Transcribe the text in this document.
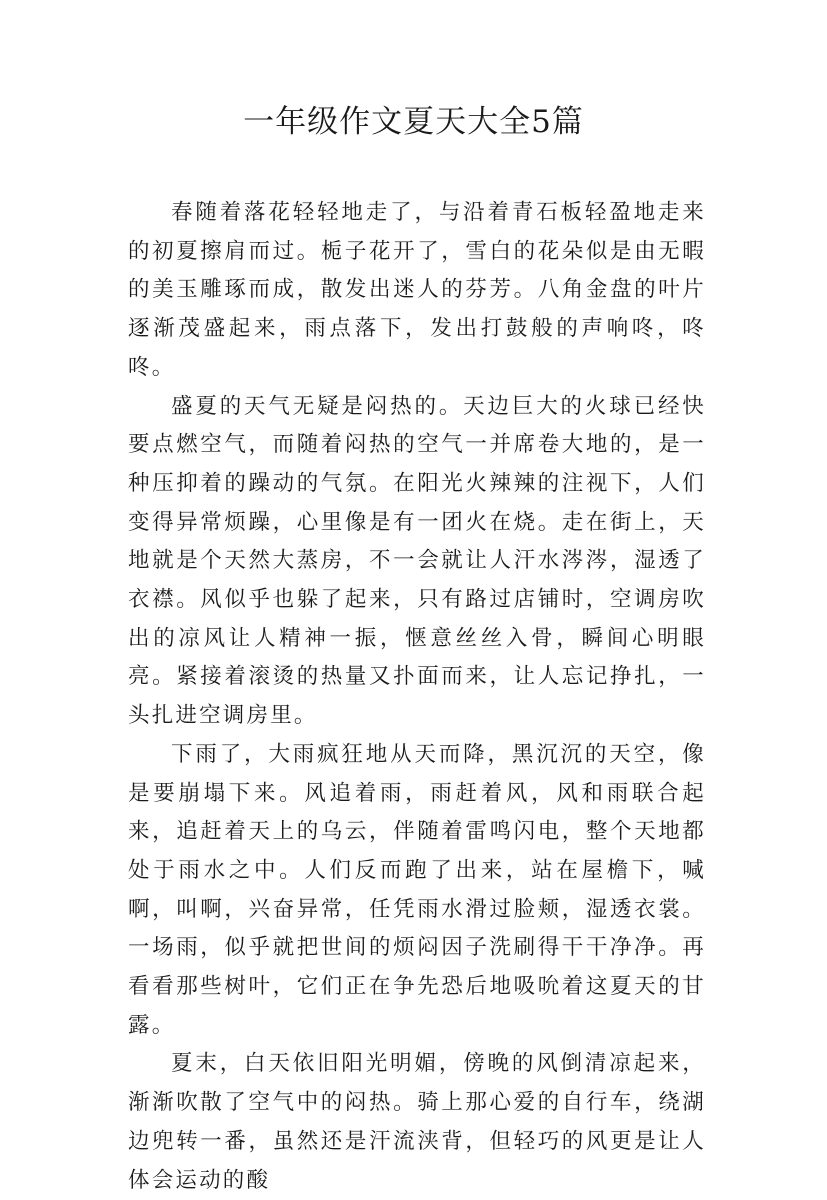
一年级作文夏天大全5篇

春随着落花轻轻地走了，与沿着青石板轻盈地走来的初夏擦肩而过。栀子花开了，雪白的花朵似是由无暇的美玉雕琢而成，散发出迷人的芬芳。八角金盘的叶片逐渐茂盛起来，雨点落下，发出打鼓般的声响咚，咚咚。

盛夏的天气无疑是闷热的。天边巨大的火球已经快要点燃空气，而随着闷热的空气一并席卷大地的，是一种压抑着的躁动的气氛。在阳光火辣辣的注视下，人们变得异常烦躁，心里像是有一团火在烧。走在街上，天地就是个天然大蒸房，不一会就让人汗水涔涔，湿透了衣襟。风似乎也躲了起来，只有路过店铺时，空调房吹出的凉风让人精神一振，惬意丝丝入骨，瞬间心明眼亮。紧接着滚烫的热量又扑面而来，让人忘记挣扎，一头扎进空调房里。

下雨了，大雨疯狂地从天而降，黑沉沉的天空，像是要崩塌下来。风追着雨，雨赶着风，风和雨联合起来，追赶着天上的乌云，伴随着雷鸣闪电，整个天地都处于雨水之中。人们反而跑了出来，站在屋檐下，喊啊，叫啊，兴奋异常，任凭雨水滑过脸颊，湿透衣裳。一场雨，似乎就把世间的烦闷因子洗刷得干干净净。再看看那些树叶，它们正在争先恐后地吸吮着这夏天的甘露。

夏末，白天依旧阳光明媚，傍晚的风倒清凉起来，渐渐吹散了空气中的闷热。骑上那心爱的自行车，绕湖边兜转一番，虽然还是汗流浃背，但轻巧的风更是让人体会运动的酸
